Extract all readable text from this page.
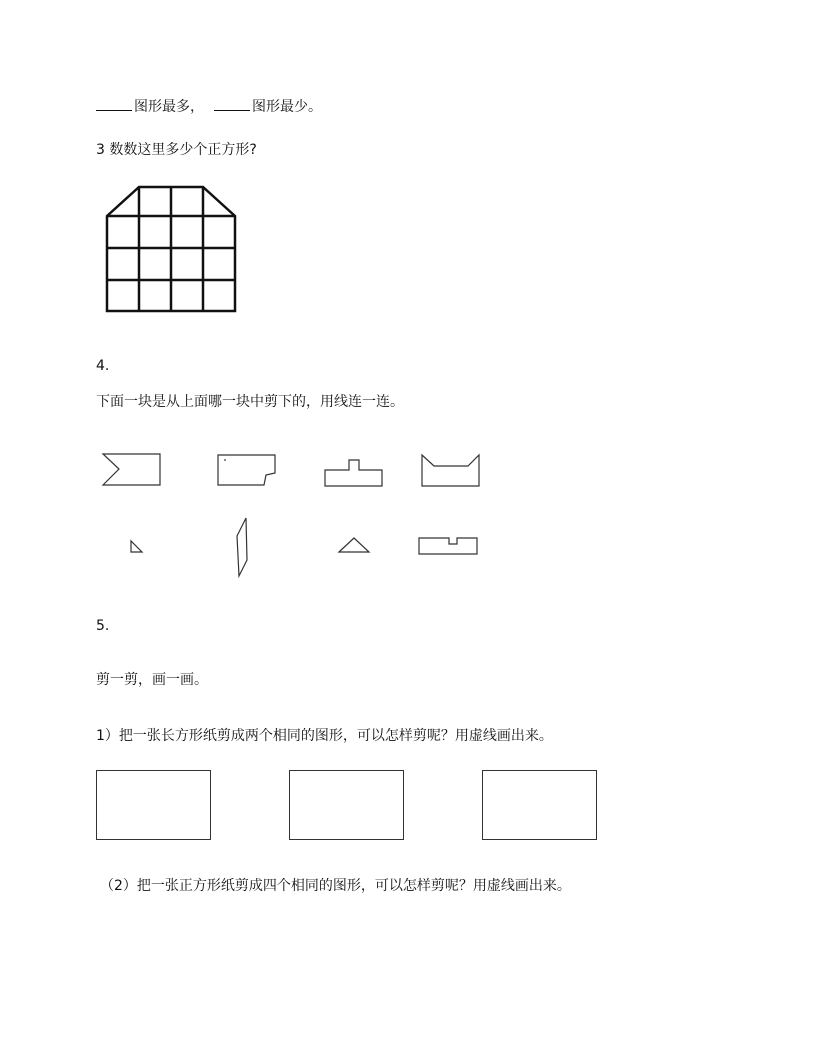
图形最多，	图形最少。
3 数数这里多少个正方形?
4.
下面一块是从上面哪一块中剪下的，用线连一连。
5.
剪一剪，画一画。
1）把一张长方形纸剪成两个相同的图形，可以怎样剪呢？用虚线画出来。
（2）把一张正方形纸剪成四个相同的图形，可以怎样剪呢？用虚线画出来。
